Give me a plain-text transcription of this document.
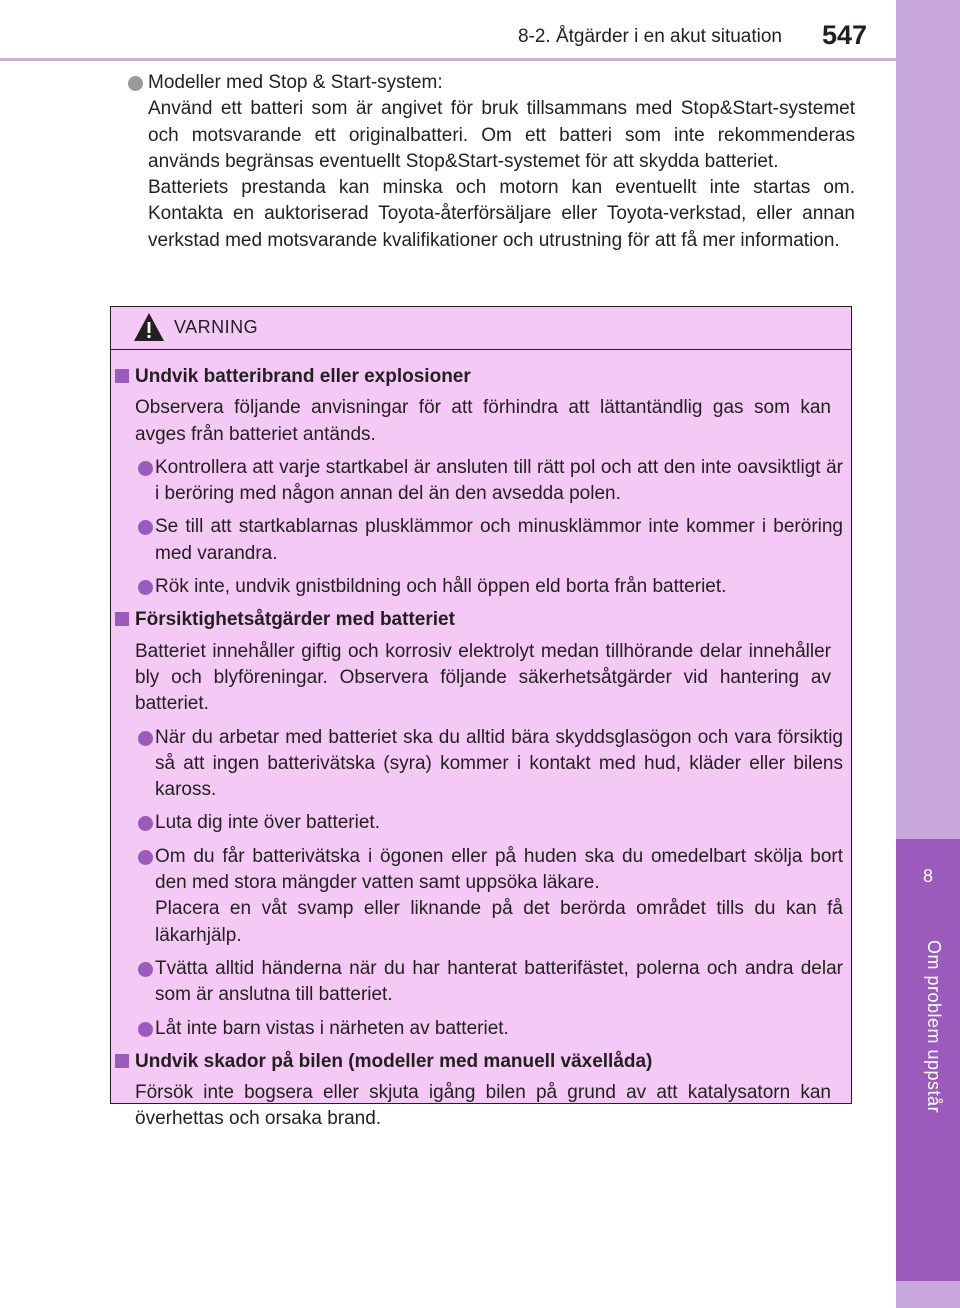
8-2. Åtgärder i en akut situation 547
8
Om problem uppstår
Modeller med Stop & Start-system:
Använd ett batteri som är angivet för bruk tillsammans med Stop&Start-systemet och motsvarande ett originalbatteri. Om ett batteri som inte rekommenderas används begränsas eventuellt Stop&Start-systemet för att skydda batteriet.
Batteriets prestanda kan minska och motorn kan eventuellt inte startas om. Kontakta en auktoriserad Toyota-återförsäljare eller Toyota-verkstad, eller annan verkstad med motsvarande kvalifikationer och utrustning för att få mer information.
VARNING
Undvik batteribrand eller explosioner
Observera följande anvisningar för att förhindra att lättantändlig gas som kan avges från batteriet antänds.
Kontrollera att varje startkabel är ansluten till rätt pol och att den inte oavsiktligt är i beröring med någon annan del än den avsedda polen.
Se till att startkablarnas plusklämmor och minusklämmor inte kommer i beröring med varandra.
Rök inte, undvik gnistbildning och håll öppen eld borta från batteriet.
Försiktighetsåtgärder med batteriet
Batteriet innehåller giftig och korrosiv elektrolyt medan tillhörande delar innehåller bly och blyföreningar. Observera följande säkerhetsåtgärder vid hantering av batteriet.
När du arbetar med batteriet ska du alltid bära skyddsglasögon och vara försiktig så att ingen batterivätska (syra) kommer i kontakt med hud, kläder eller bilens kaross.
Luta dig inte över batteriet.
Om du får batterivätska i ögonen eller på huden ska du omedelbart skölja bort den med stora mängder vatten samt uppsöka läkare.
Placera en våt svamp eller liknande på det berörda området tills du kan få läkarhjälp.
Tvätta alltid händerna när du har hanterat batterifästet, polerna och andra delar som är anslutna till batteriet.
Låt inte barn vistas i närheten av batteriet.
Undvik skador på bilen (modeller med manuell växellåda)
Försök inte bogsera eller skjuta igång bilen på grund av att katalysatorn kan överhettas och orsaka brand.
